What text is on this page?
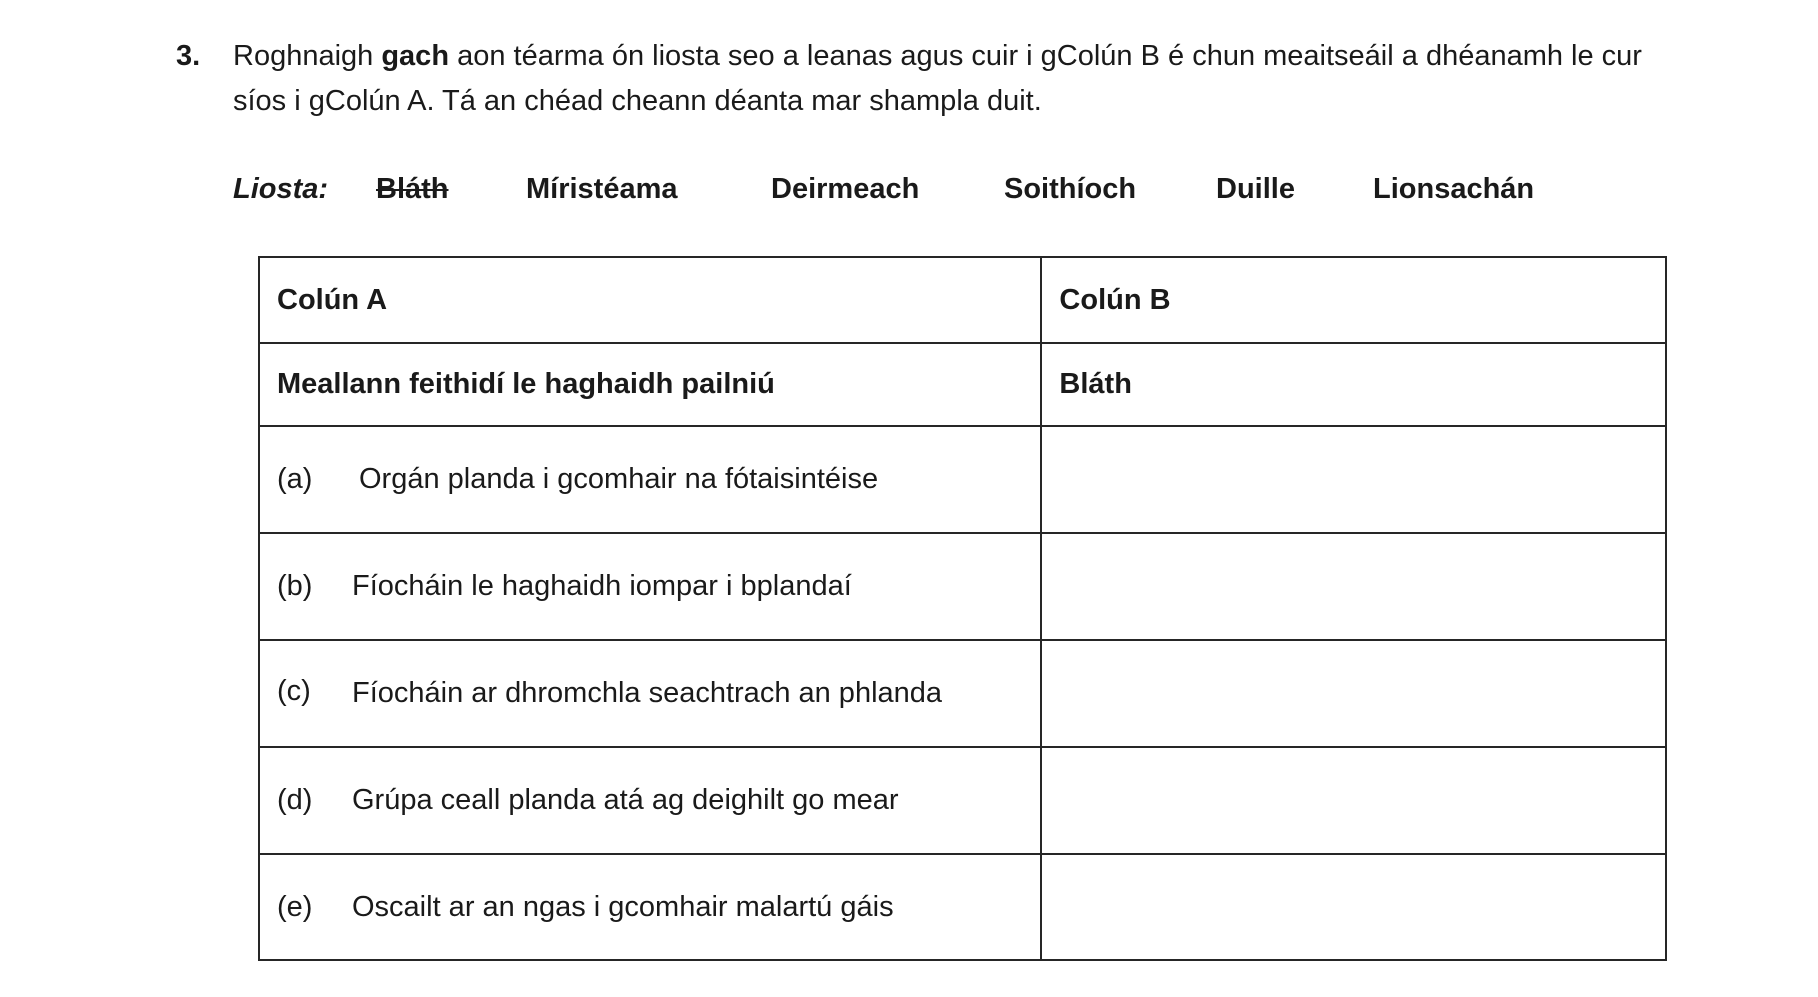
3. Roghnaigh gach aon téarma ón liosta seo a leanas agus cuir i gColún B é chun meaitseáil a dhéanamh le cur síos i gColún A. Tá an chéad cheann déanta mar shampla duit.
Liosta: Bláth	Míristéama	Deirmeach	Soithíoch	Duille	Lionsachán
Colún A	Colún B
Meallann feithidí le haghaidh pailniú	Bláth
(a) Orgán planda i gcomhair na fótaisintéise	
(b) Fíocháin le haghaidh iompar i bplandaí	
(c) Fíocháin ar dhromchla seachtrach an phlanda	
(d) Grúpa ceall planda atá ag deighilt go mear	
(e) Oscailt ar an ngas i gcomhair malartú gáis	
